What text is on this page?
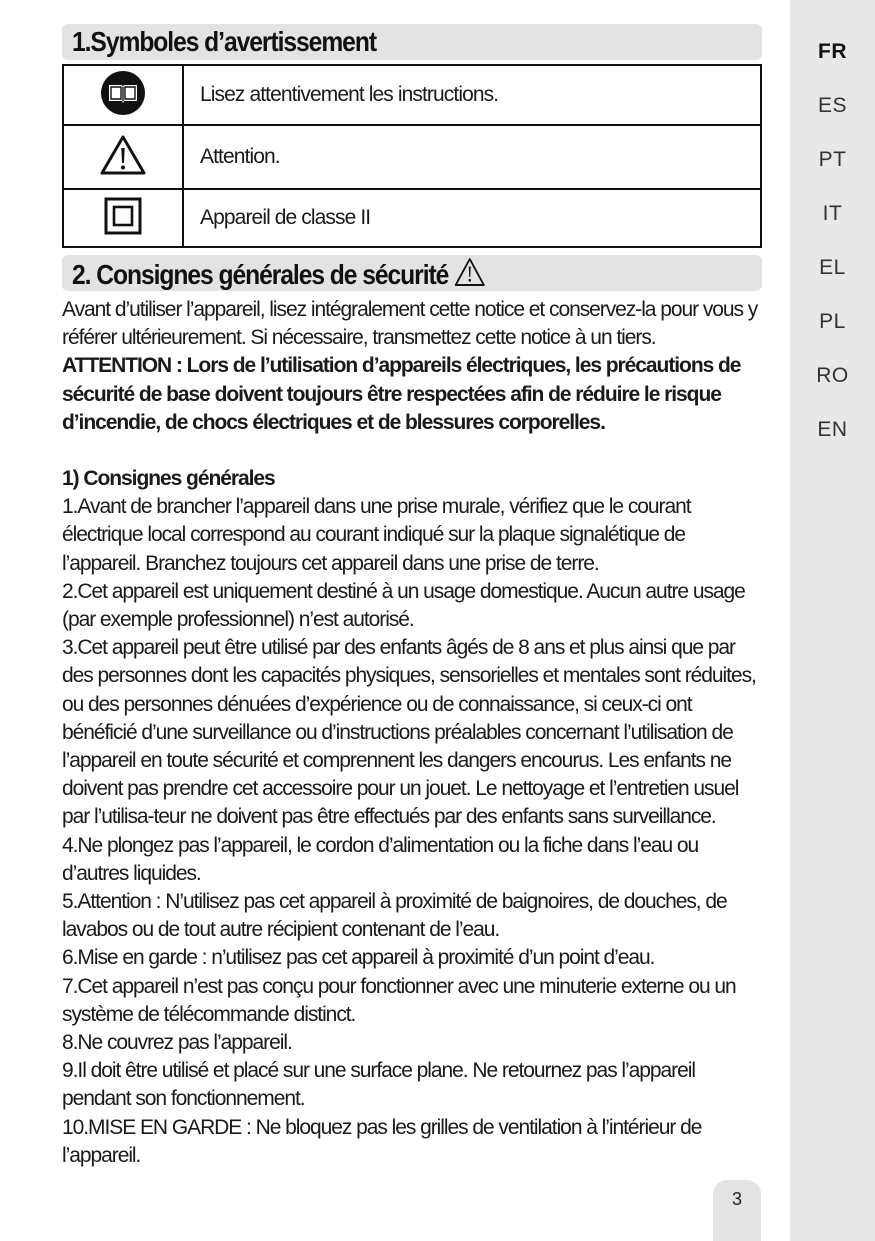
FR
ES
PT
IT
EL
PL
RO
EN
1.Symboles d’avertissement
	Lisez attentivement les instructions.
	Attention.
	Appareil de classe II
2. Consignes générales de sécurité

Avant d’utiliser l’appareil, lisez intégralement cette notice et conservez-la pour vous y référer ultérieurement. Si nécessaire, transmettez cette notice à un tiers.

ATTENTION : Lors de l’utilisation d’appareils électriques, les précautions de sécurité de base doivent toujours être respectées afin de réduire le risque d’incendie, de chocs électriques et de blessures corporelles.

1) Consignes générales

1.Avant de brancher l’appareil dans une prise murale, vérifiez que le courant électrique local correspond au courant indiqué sur la plaque signalétique de l’appareil. Branchez toujours cet appareil dans une prise de terre.

2.Cet appareil est uniquement destiné à un usage domestique. Aucun autre usage (par exemple professionnel) n’est autorisé.

3.Cet appareil peut être utilisé par des enfants âgés de 8 ans et plus ainsi que par des personnes dont les capacités physiques, sensorielles et mentales sont réduites, ou des personnes dénuées d’expérience ou de connaissance, si ceux-ci ont bénéficié d’une surveillance ou d’instructions préalables concernant l’utilisation de l’appareil en toute sécurité et comprennent les dangers encourus. Les enfants ne doivent pas prendre cet accessoire pour un jouet. Le nettoyage et l’entretien usuel par l’utilisa-teur ne doivent pas être effectués par des enfants sans surveillance.

4.Ne plongez pas l’appareil, le cordon d’alimentation ou la fiche dans l’eau ou d’autres liquides.

5.Attention : N’utilisez pas cet appareil à proximité de baignoires, de douches, de lavabos ou de tout autre récipient contenant de l’eau.

6.Mise en garde : n’utilisez pas cet appareil à proximité d’un point d’eau.

7.Cet appareil n’est pas conçu pour fonctionner avec une minuterie externe ou un système de télécommande distinct.

8.Ne couvrez pas l’appareil.

9.Il doit être utilisé et placé sur une surface plane. Ne retournez pas l’appareil pendant son fonctionnement.

10.MISE EN GARDE : Ne bloquez pas les grilles de ventilation à l’intérieur de l’appareil.

3
